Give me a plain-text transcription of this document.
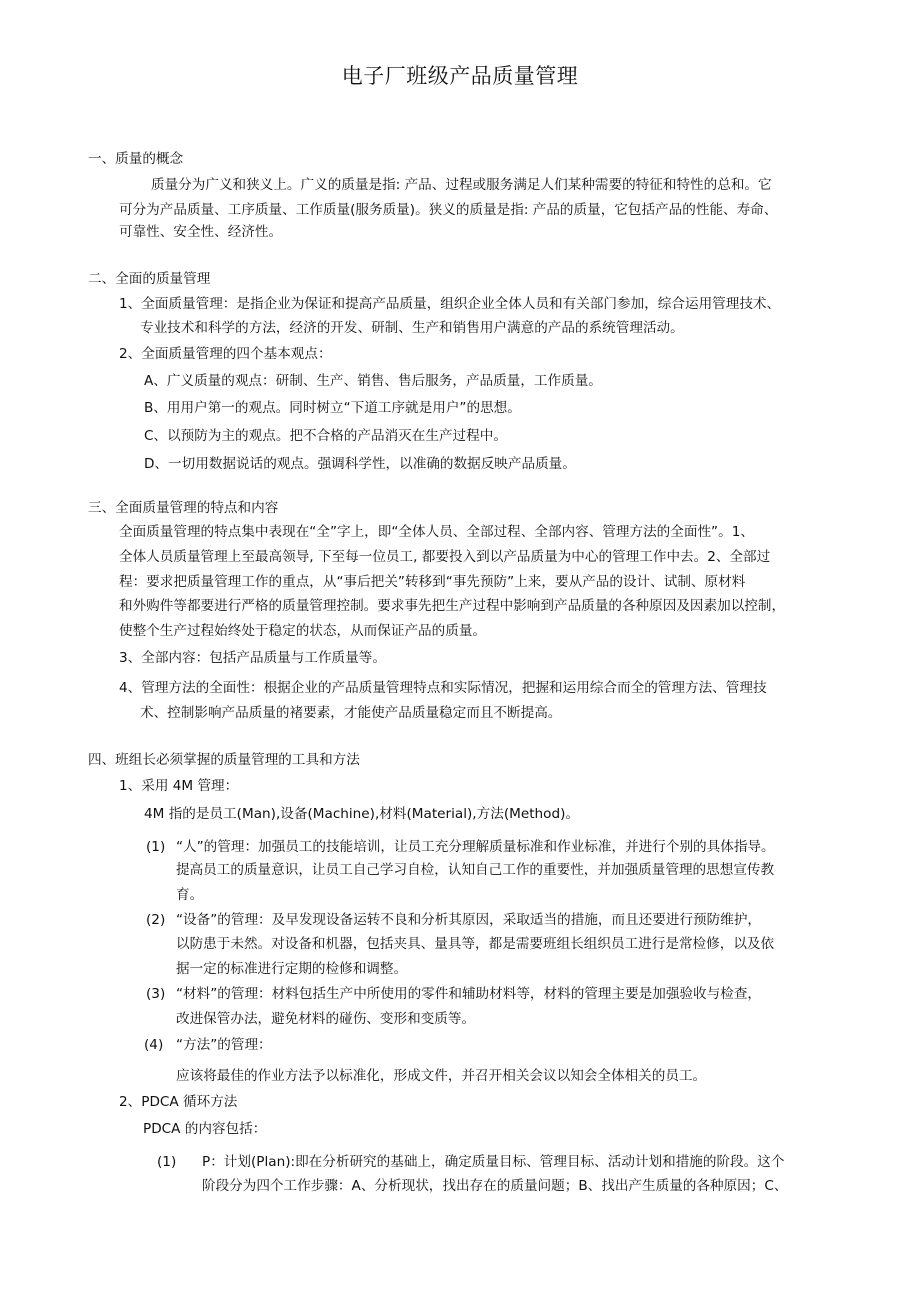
电子厂班级产品质量管理
一、质量的概念
质量分为广义和狭义上。广义的质量是指: 产品、过程或服务满足人们某种需要的特征和特性的总和。它
可分为产品质量、工序质量、工作质量(服务质量)。狭义的质量是指: 产品的质量，它包括产品的性能、寿命、
可靠性、安全性、经济性。
二、全面的质量管理
1、全面质量管理：是指企业为保证和提高产品质量，组织企业全体人员和有关部门参加，综合运用管理技术、
专业技术和科学的方法，经济的开发、研制、生产和销售用户满意的产品的系统管理活动。
2、全面质量管理的四个基本观点：
A、广义质量的观点：研制、生产、销售、售后服务，产品质量，工作质量。
B、用用户第一的观点。同时树立“下道工序就是用户”的思想。
C、以预防为主的观点。把不合格的产品消灭在生产过程中。
D、一切用数据说话的观点。强调科学性，以准确的数据反映产品质量。
三、全面质量管理的特点和内容
全面质量管理的特点集中表现在“全”字上，即“全体人员、全部过程、全部内容、管理方法的全面性”。1、
全体人员质量管理上至最高领导, 下至每一位员工, 都要投入到以产品质量为中心的管理工作中去。2、全部过
程：要求把质量管理工作的重点，从“事后把关”转移到“事先预防”上来，要从产品的设计、试制、原材料
和外购件等都要进行严格的质量管理控制。要求事先把生产过程中影响到产品质量的各种原因及因素加以控制，
使整个生产过程始终处于稳定的状态，从而保证产品的质量。
3、全部内容：包括产品质量与工作质量等。
4、管理方法的全面性：根据企业的产品质量管理特点和实际情况，把握和运用综合而全的管理方法、管理技
术、控制影响产品质量的褚要素，才能使产品质量稳定而且不断提高。
四、班组长必须掌握的质量管理的工具和方法
1、采用 4M 管理：
4M 指的是员工(Man),设备(Machine),材料(Material),方法(Method)。
(1) “人”的管理：加强员工的技能培训，让员工充分理解质量标准和作业标准，并进行个别的具体指导。
提高员工的质量意识，让员工自己学习自检，认知自己工作的重要性，并加强质量管理的思想宣传教
育。
(2) “设备”的管理：及早发现设备运转不良和分析其原因，采取适当的措施，而且还要进行预防维护，
以防患于未然。对设备和机器，包括夹具、量具等，都是需要班组长组织员工进行是常检修，以及依
据一定的标准进行定期的检修和调整。
(3) “材料”的管理：材料包括生产中所使用的零件和辅助材料等，材料的管理主要是加强验收与检查，
改进保管办法，避免材料的碰伤、变形和变质等。
(4) “方法”的管理：
应该将最佳的作业方法予以标准化，形成文件，并召开相关会议以知会全体相关的员工。
2、PDCA 循环方法
PDCA 的内容包括：
(1) P：计划(Plan):即在分析研究的基础上，确定质量目标、管理目标、活动计划和措施的阶段。这个
阶段分为四个工作步骤：A、分析现状，找出存在的质量问题；B、找出产生质量的各种原因；C、
